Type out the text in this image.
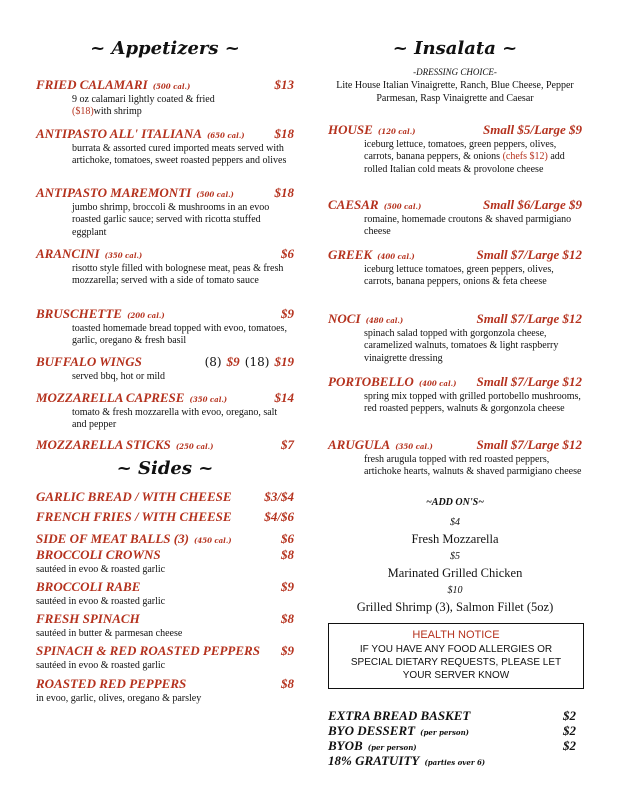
~ Appetizers ~
FRIED CALAMARI (500 cal.)	$13
9 oz calamari lightly coated & fried
($18)with shrimp
ANTIPASTO ALL' ITALIANA (650 cal.) $18
burrata & assorted cured imported meats served with artichoke, tomatoes, sweet roasted peppers and olives
ANTIPASTO MAREMONTI (500 cal.)	$18
jumbo shrimp, broccoli & mushrooms in an evoo roasted garlic sauce; served with ricotta stuffed eggplant
ARANCINI (350 cal.)	$6
risotto style filled with bolognese meat, peas & fresh mozzarella; served with a side of tomato sauce
BRUSCHETTE (200 cal.)	$9
toasted homemade bread topped with evoo, tomatoes, garlic, oregano & fresh basil
BUFFALO WINGS	(8) $9 (18) $19
served bbq, hot or mild
MOZZARELLA CAPRESE (350 cal.)	$14
tomato & fresh mozzarella with evoo, oregano, salt and pepper
MOZZARELLA STICKS (250 cal.)	$7
~ Sides ~
GARLIC BREAD / WITH CHEESE	$3/$4
FRENCH FRIES / WITH CHEESE	$4/$6
SIDE OF MEAT BALLS (3) (450 cal.)	$6
BROCCOLI CROWNS	$8
sautéed in evoo & roasted garlic
BROCCOLI RABE	$9
sautéed in evoo & roasted garlic
FRESH SPINACH	$8
sautéed in butter & parmesan cheese
SPINACH & RED ROASTED PEPPERS $9
sautéed in evoo & roasted garlic
ROASTED RED PEPPERS	$8
in evoo, garlic, olives, oregano & parsley
~ Insalata ~
-DRESSING CHOICE-
Lite House Italian Vinaigrette, Ranch, Blue Cheese, Pepper Parmesan, Rasp Vinaigrette and Caesar
HOUSE (120 cal.)	Small $5/Large $9
iceburg lettuce, tomatoes, green peppers, olives, carrots, banana peppers, & onions (chefs $12) add rolled Italian cold meats & provolone cheese
CAESAR (500 cal.)	Small $6/Large $9
romaine, homemade croutons & shaved parmigiano cheese
GREEK (400 cal.)	Small $7/Large $12
iceburg lettuce tomatoes, green peppers, olives, carrots, banana peppers, onions & feta cheese
NOCI (480 cal.)	Small $7/Large $12
spinach salad topped with gorgonzola cheese, caramelized walnuts, tomatoes & light raspberry vinaigrette dressing
PORTOBELLO (400 cal.) Small $7/Large $12
spring mix topped with grilled portobello mushrooms, red roasted peppers, walnuts & gorgonzola cheese
ARUGULA (350 cal.)	Small $7/Large $12
fresh arugula topped with red roasted peppers, artichoke hearts, walnuts & shaved parmigiano cheese
~ADD ON'S~
$4
Fresh Mozzarella
$5
Marinated Grilled Chicken
$10
Grilled Shrimp (3), Salmon Fillet (5oz)
HEALTH NOTICE
IF YOU HAVE ANY FOOD ALLERGIES OR SPECIAL DIETARY REQUESTS, PLEASE LET YOUR SERVER KNOW
EXTRA BREAD BASKET	$2
BYO DESSERT (per person)	$2
BYOB (per person)	$2
18% GRATUITY (parties over 6)
